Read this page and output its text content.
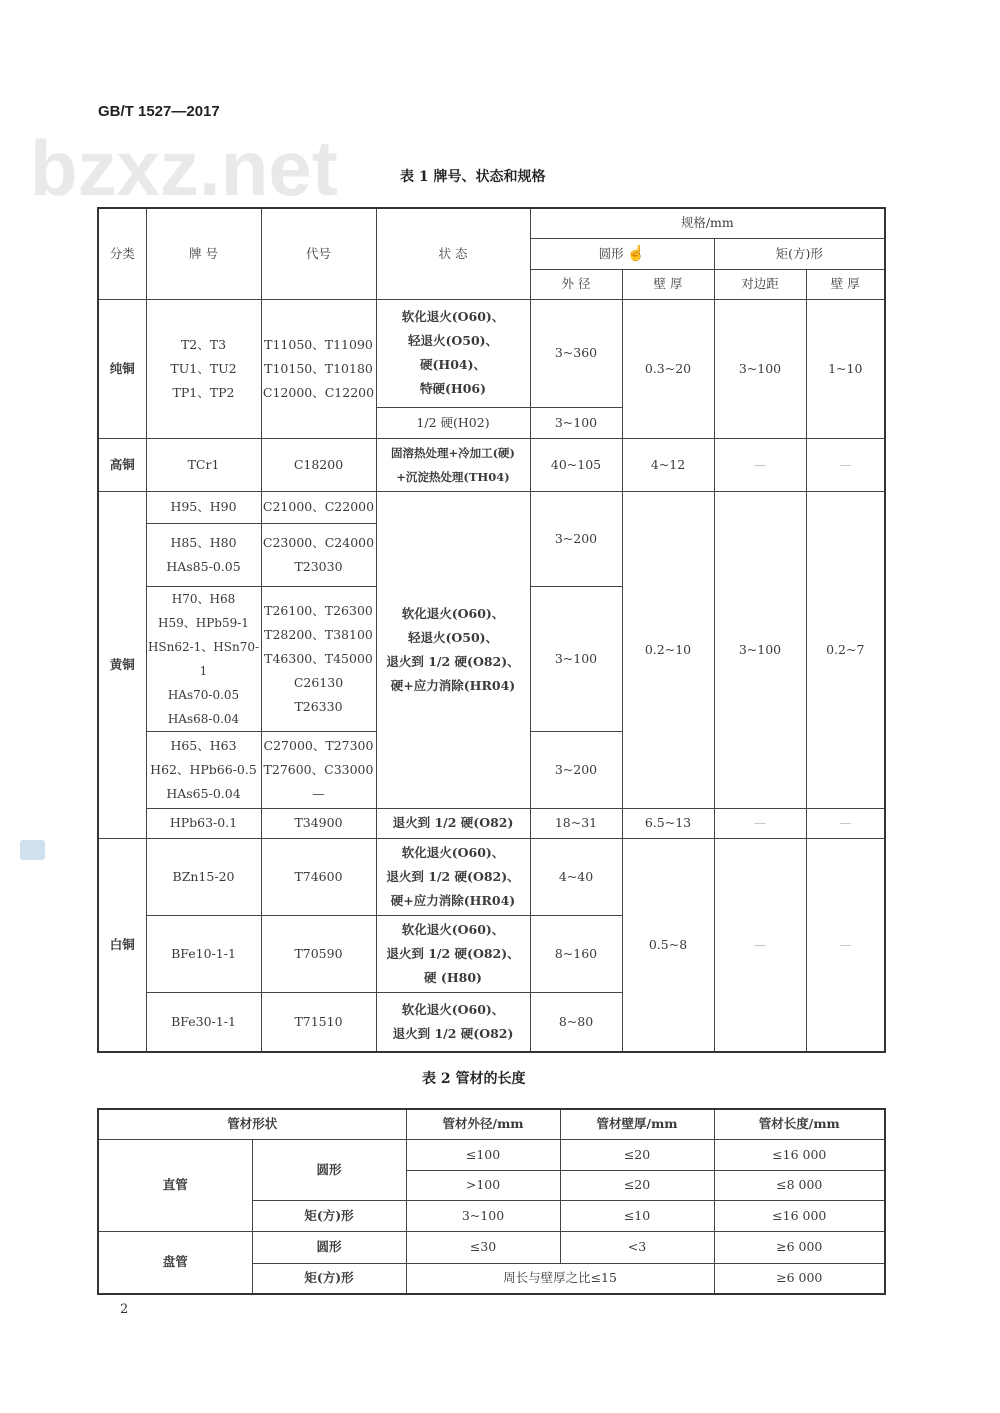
GB/T 1527—2017
bzxz.net	表 1 牌号、状态和规格
分类	牌 号	代号	状 态	规格/mm			
				圆形 ☝		矩(方)形	
				外 径	壁 厚	对边距	壁 厚
纯铜	T2、T3
TU1、TU2
TP1、TP2	T11050、T11090
T10150、T10180
C12000、C12200	软化退火(O60)、
轻退火(O50)、
硬(H04)、
特硬(H06)	3~360	0.3~20	3~100	1~10
			1/2 硬(H02)	3~100			
高铜	TCr1	C18200	固溶热处理+冷加工(硬)
+沉淀热处理(TH04)	40~105	4~12	—	—
黄铜	H95、H90	C21000、C22000	软化退火(O60)、
轻退火(O50)、
退火到 1/2 硬(O82)、
硬+应力消除(HR04)	3~200	0.2~10	3~100	0.2~7
	H85、H80
HAs85-0.05	C23000、C24000
T23030					
	H70、H68
H59、HPb59-1
HSn62-1、HSn70-1
HAs70-0.05
HAs68-0.04	T26100、T26300
T28200、T38100
T46300、T45000
C26130
T26330		3~100			
	H65、H63
H62、HPb66-0.5
HAs65-0.04	C27000、T27300
T27600、C33000
—		3~200			
	HPb63-0.1	T34900	退火到 1/2 硬(O82)	18~31	6.5~13	—	—
白铜	BZn15-20	T74600	软化退火(O60)、
退火到 1/2 硬(O82)、
硬+应力消除(HR04)	4~40	0.5~8	—	—
	BFe10-1-1	T70590	软化退火(O60)、
退火到 1/2 硬(O82)、
硬 (H80)	8~160			
	BFe30-1-1	T71510	软化退火(O60)、
退火到 1/2 硬(O82)	8~80			
表 2 管材的长度
管材形状		管材外径/mm	管材壁厚/mm	管材长度/mm
直管	圆形	≤100	≤20	≤16 000
		>100	≤20	≤8 000
	矩(方)形	3~100	≤10	≤16 000
盘管	圆形	≤30	<3	≥6 000
	矩(方)形	周长与壁厚之比≤15		≥6 000
2
